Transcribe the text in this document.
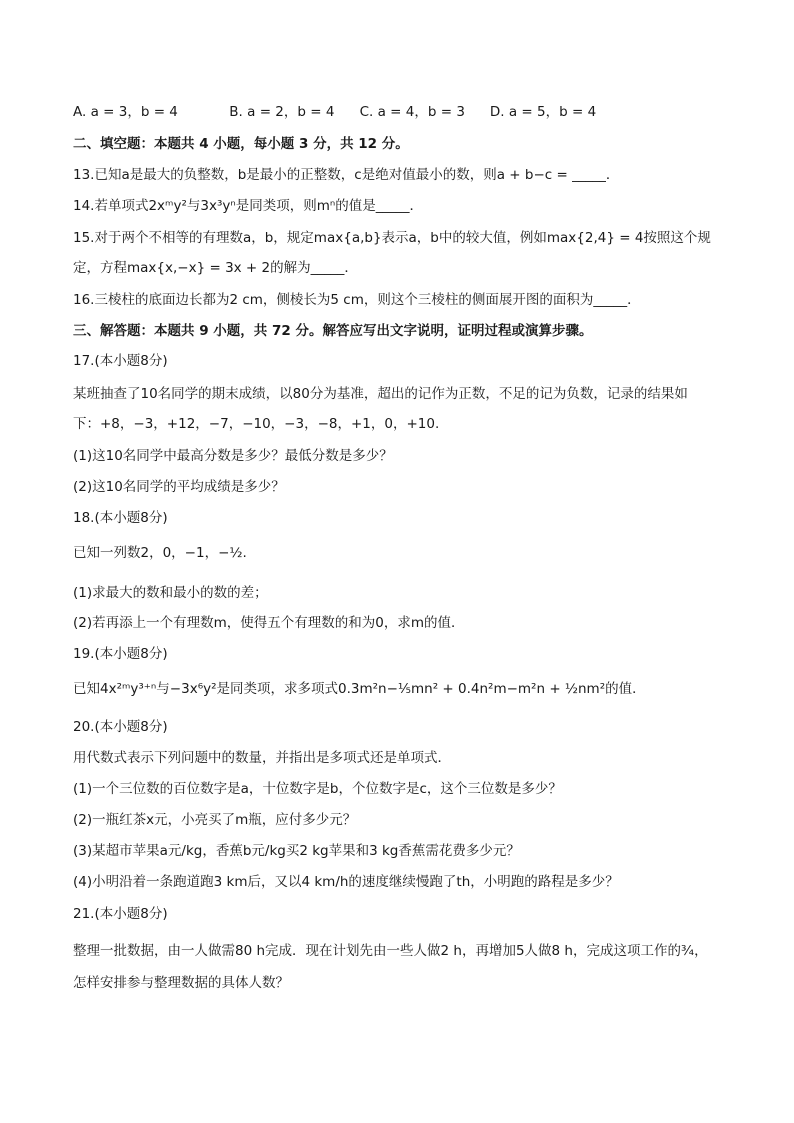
A. a = 3，b = 4	B. a = 2，b = 4 C. a = 4，b = 3 D. a = 5，b = 4
二、填空题：本题共 4 小题，每小题 3 分，共 12 分。
13.已知a是最大的负整数，b是最小的正整数，c是绝对值最小的数，则a + b−c = _____．
14.若单项式2xᵐy²与3x³yⁿ是同类项，则mⁿ的值是_____．
15.对于两个不相等的有理数a，b，规定max{a,b}表示a，b中的较大值，例如max{2,4} = 4按照这个规
定，方程max{x,−x} = 3x + 2的解为_____．
16.三棱柱的底面边长都为2 cm，侧棱长为5 cm，则这个三棱柱的侧面展开图的面积为_____．
三、解答题：本题共 9 小题，共 72 分。解答应写出文字说明，证明过程或演算步骤。
17.(本小题8分)
某班抽查了10名同学的期末成绩，以80分为基准，超出的记作为正数，不足的记为负数，记录的结果如
下：+8，−3，+12，−7，−10，−3，−8，+1，0，+10.
(1)这10名同学中最高分数是多少？最低分数是多少？
(2)这10名同学的平均成绩是多少？
18.(本小题8分)
已知一列数2，0，−1，−½.
(1)求最大的数和最小的数的差；
(2)若再添上一个有理数m，使得五个有理数的和为0，求m的值．
19.(本小题8分)
已知4x²ᵐy³⁺ⁿ与−3x⁶y²是同类项，求多项式0.3m²n−⅕mn² + 0.4n²m−m²n + ½nm²的值．
20.(本小题8分)
用代数式表示下列问题中的数量，并指出是多项式还是单项式．
(1)一个三位数的百位数字是a，十位数字是b，个位数字是c，这个三位数是多少？
(2)一瓶红茶x元，小亮买了m瓶，应付多少元？
(3)某超市苹果a元/kg，香蕉b元/kg买2 kg苹果和3 kg香蕉需花费多少元？
(4)小明沿着一条跑道跑3 km后，又以4 km/h的速度继续慢跑了th，小明跑的路程是多少？
21.(本小题8分)
整理一批数据，由一人做需80 h完成．现在计划先由一些人做2 h，再增加5人做8 h，完成这项工作的¾，
怎样安排参与整理数据的具体人数？
